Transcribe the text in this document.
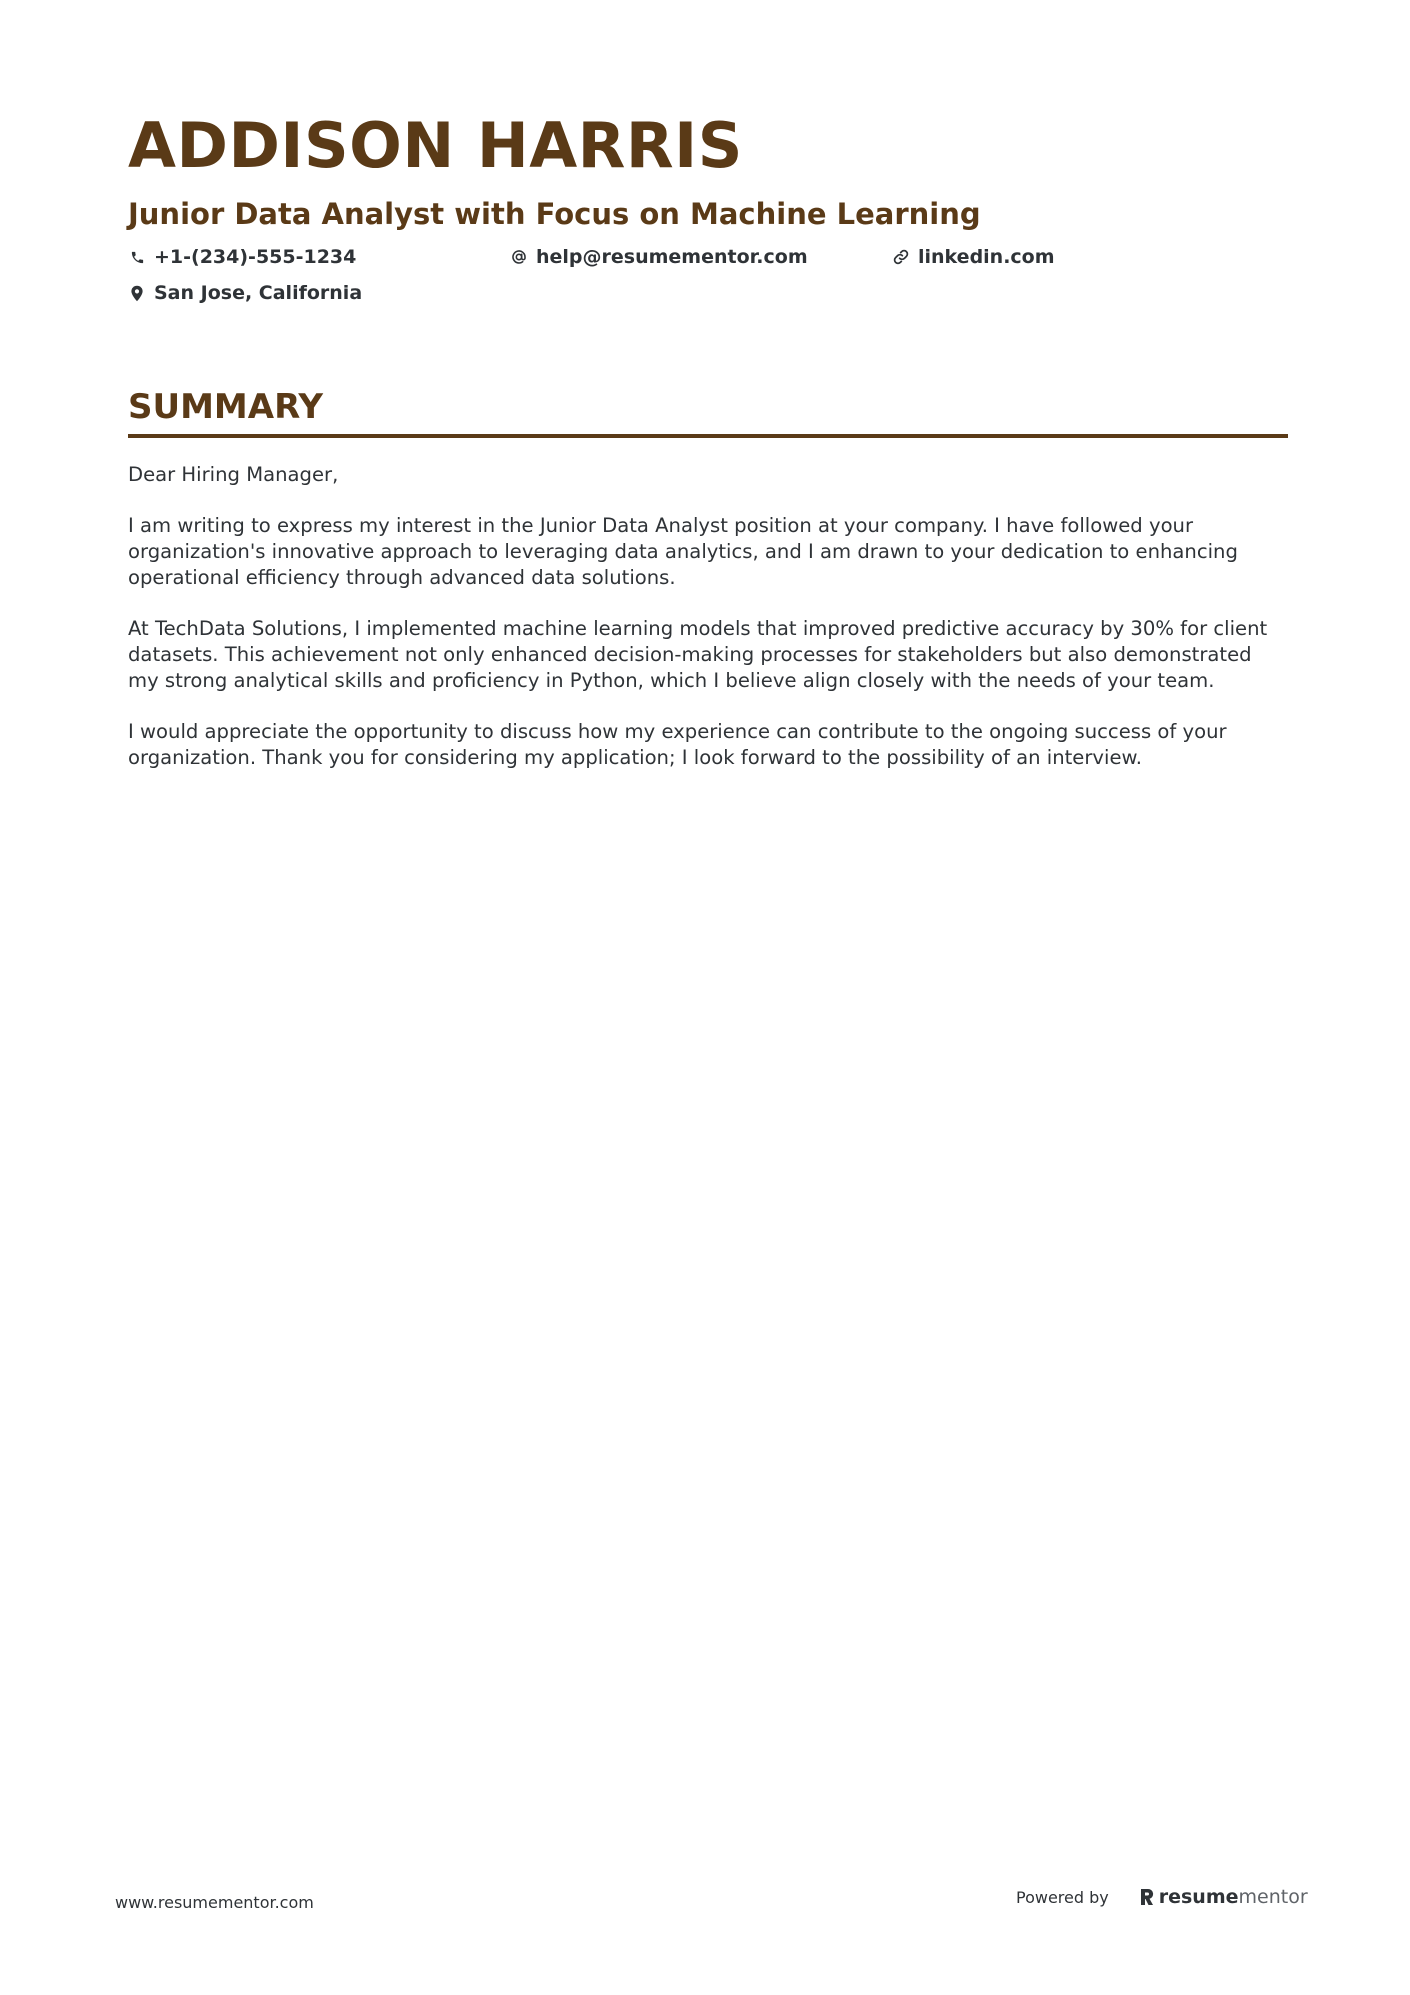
ADDISON HARRIS
Junior Data Analyst with Focus on Machine Learning
+1-(234)-555-1234	help@resumementor.com	linkedin.com
San Jose, California
SUMMARY

Dear Hiring Manager,

I am writing to express my interest in the Junior Data Analyst position at your company. I have followed your organization's innovative approach to leveraging data analytics, and I am drawn to your dedication to enhancing operational efficiency through advanced data solutions.

At TechData Solutions, I implemented machine learning models that improved predictive accuracy by 30% for client datasets. This achievement not only enhanced decision-making processes for stakeholders but also demonstrated my strong analytical skills and proficiency in Python, which I believe align closely with the needs of your team.

I would appreciate the opportunity to discuss how my experience can contribute to the ongoing success of your organization. Thank you for considering my application; I look forward to the possibility of an interview.

www.resumementor.com	Powered by	resume mentor
